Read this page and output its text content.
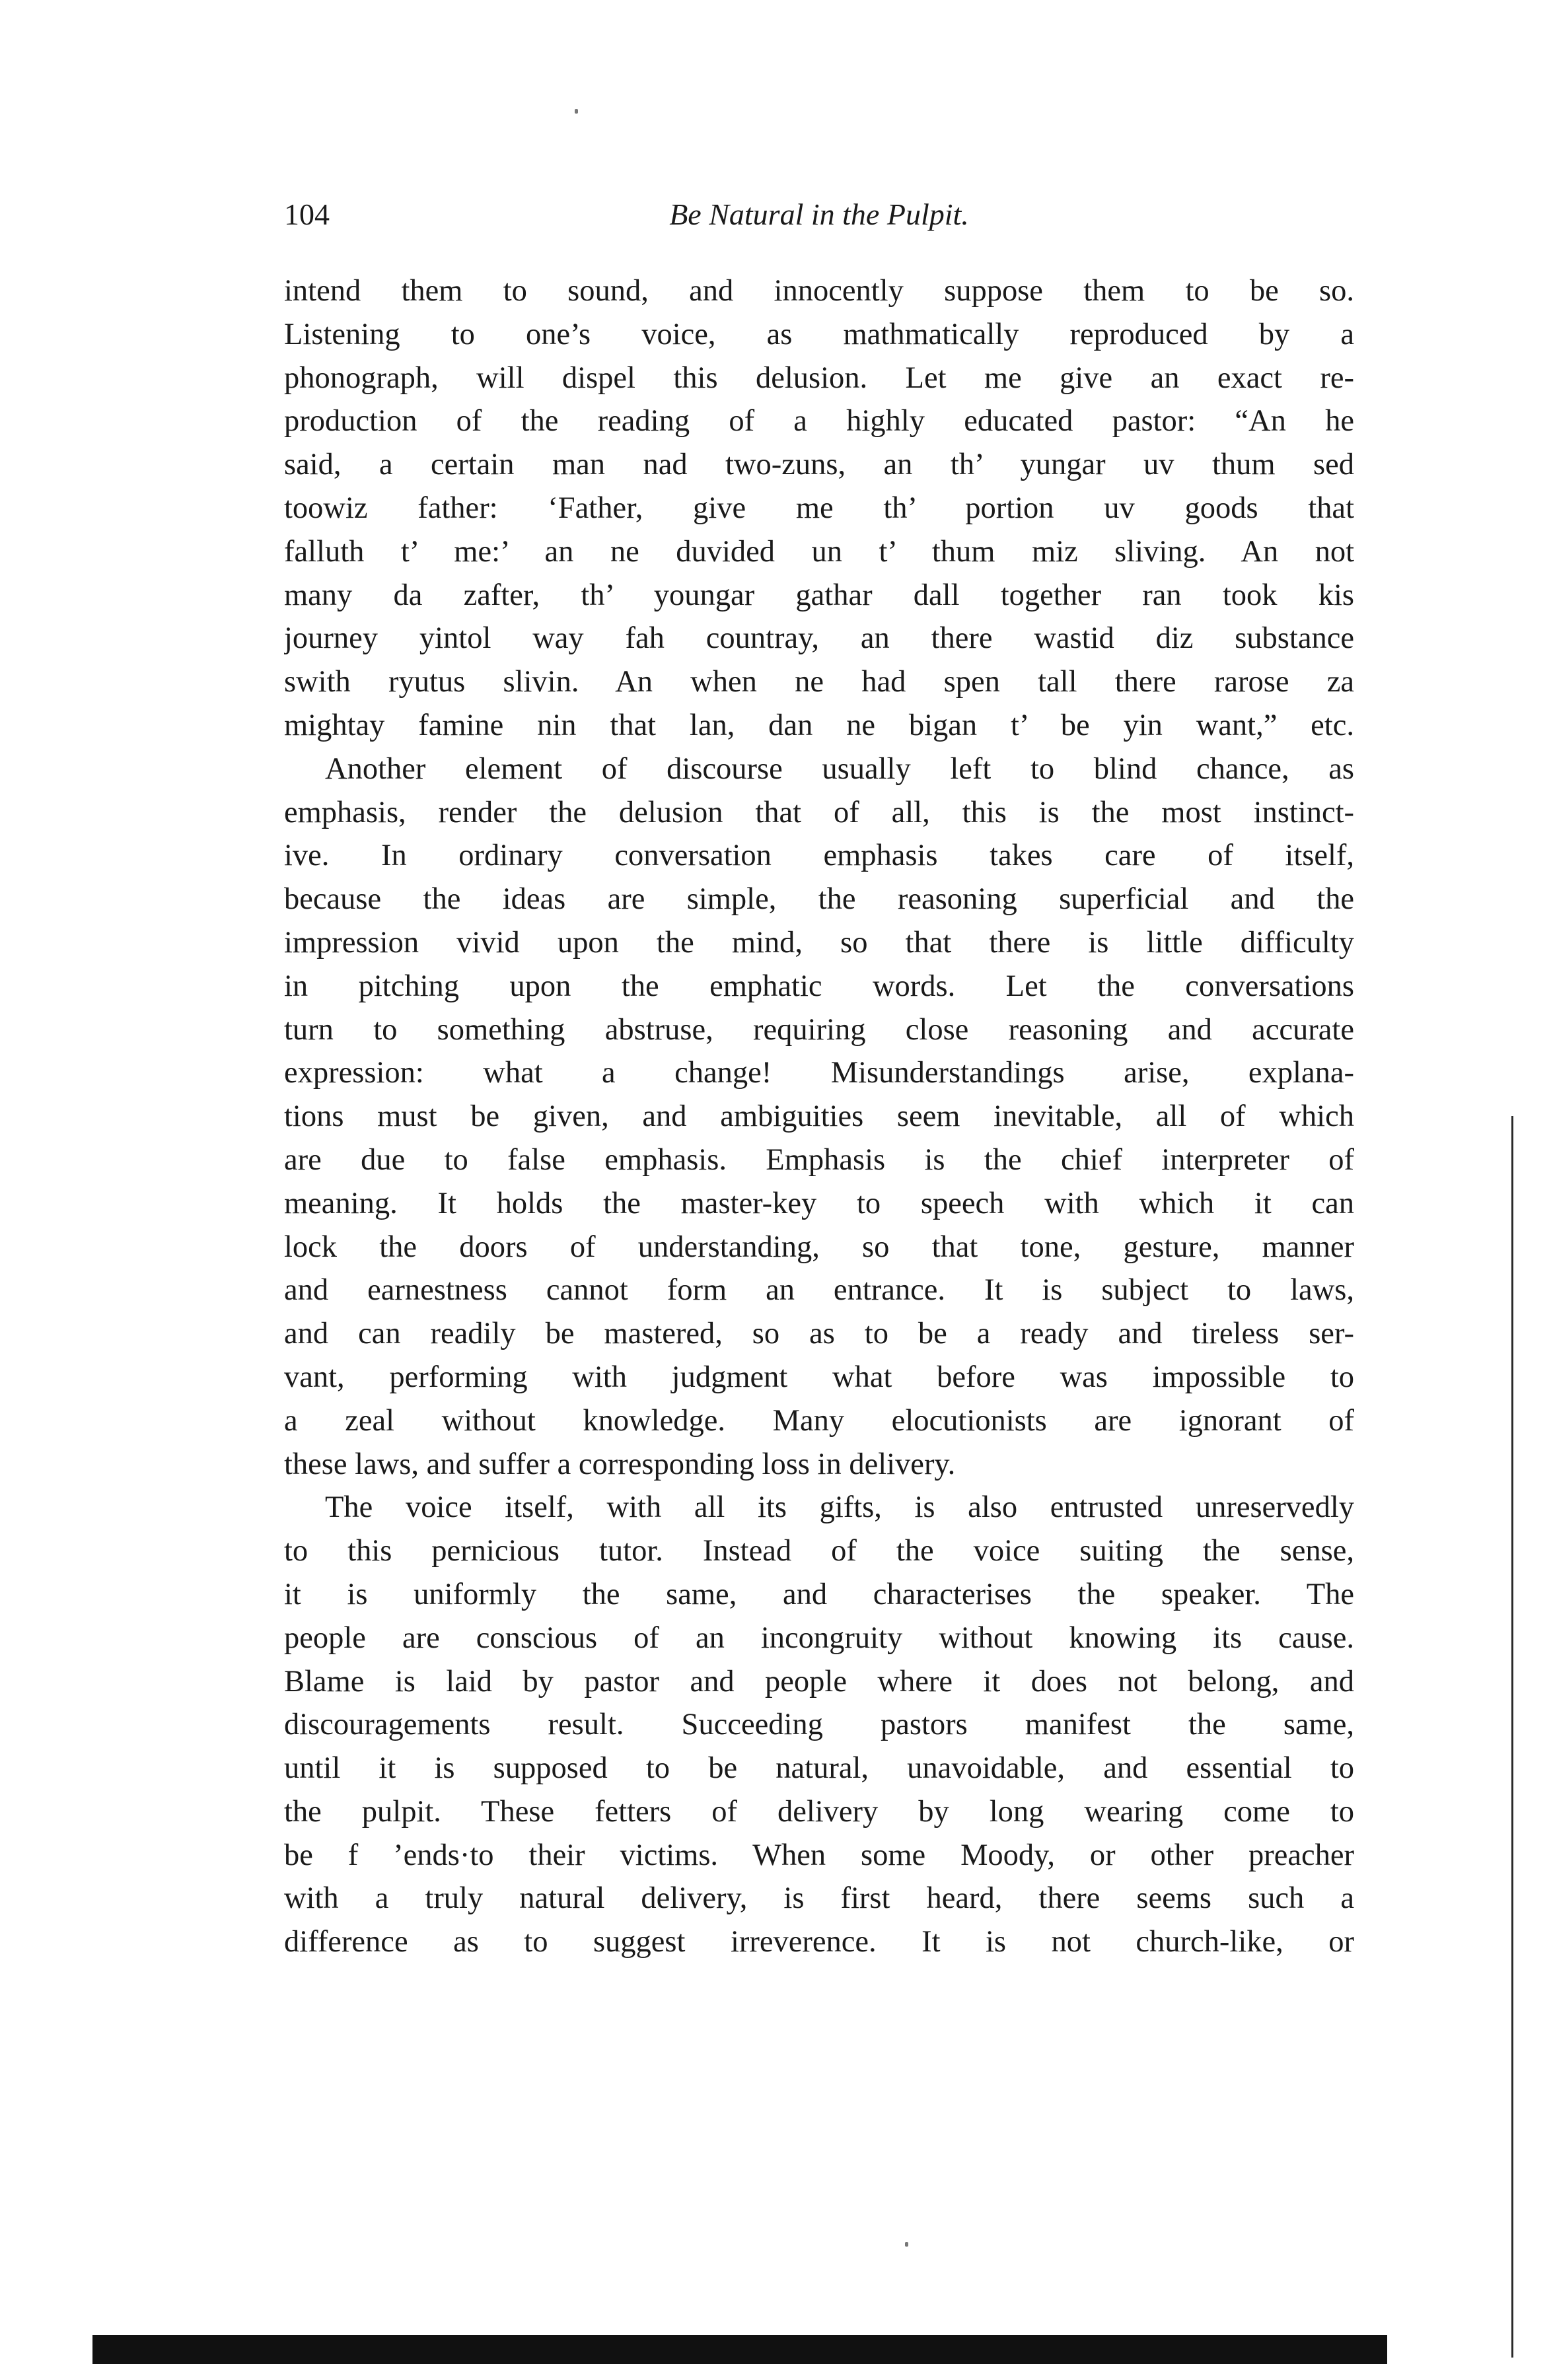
104	Be Natural in the Pulpit.
intend them to sound, and innocently suppose them to be so.
Listening to one’s voice, as mathmatically reproduced by a
phonograph, will dispel this delusion. Let me give an exact re-
production of the reading of a highly educated pastor: “An he
said, a certain man nad two-zuns, an th’ yungar uv thum sed
toowiz father: ‘Father, give me th’ portion uv goods that
falluth t’ me:’ an ne duvided un t’ thum miz sliving. An not
many da zafter, th’ youngar gathar dall together ran took kis
journey yintol way fah countray, an there wastid diz substance
swith ryutus slivin. An when ne had spen tall there rarose za
mightay famine nin that lan, dan ne bigan t’ be yin want,” etc.
Another element of discourse usually left to blind chance, as
emphasis, render the delusion that of all, this is the most instinct-
ive. In ordinary conversation emphasis takes care of itself,
because the ideas are simple, the reasoning superficial and the
impression vivid upon the mind, so that there is little difficulty
in pitching upon the emphatic words. Let the conversations
turn to something abstruse, requiring close reasoning and accurate
expression: what a change! Misunderstandings arise, explana-
tions must be given, and ambiguities seem inevitable, all of which
are due to false emphasis. Emphasis is the chief interpreter of
meaning. It holds the master-key to speech with which it can
lock the doors of understanding, so that tone, gesture, manner
and earnestness cannot form an entrance. It is subject to laws,
and can readily be mastered, so as to be a ready and tireless ser-
vant, performing with judgment what before was impossible to
a zeal without knowledge. Many elocutionists are ignorant of
these laws, and suffer a corresponding loss in delivery.
The voice itself, with all its gifts, is also entrusted unreservedly
to this pernicious tutor. Instead of the voice suiting the sense,
it is uniformly the same, and characterises the speaker. The
people are conscious of an incongruity without knowing its cause.
Blame is laid by pastor and people where it does not belong, and
discouragements result. Succeeding pastors manifest the same,
until it is supposed to be natural, unavoidable, and essential to
the pulpit. These fetters of delivery by long wearing come to
be f ’ends·to their victims. When some Moody, or other preacher
with a truly natural delivery, is first heard, there seems such a
difference as to suggest irreverence. It is not church-like, or
